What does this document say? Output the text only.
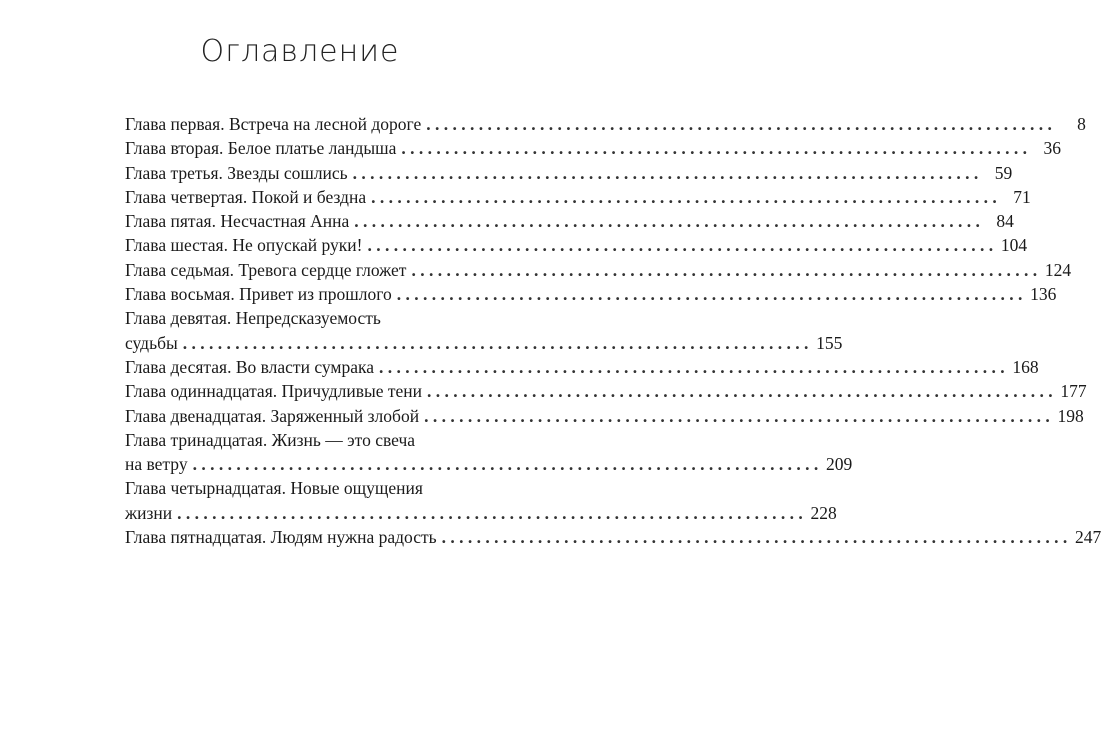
Оглавление
Глава первая. Встреча на лесной дороге . . .	8
Глава вторая. Белое платье ландыша . . .	36
Глава третья. Звезды сошлись . . .	59
Глава четвертая. Покой и бездна . . .	71
Глава пятая. Несчастная Анна . . .	84
Глава шестая. Не опускай руки! . . .	104
Глава седьмая. Тревога сердце гложет . . .	124
Глава восьмая. Привет из прошлого . . .	136
Глава девятая. Непредсказуемость
судьбы . . .	155
Глава десятая. Во власти сумрака . . .	168
Глава одиннадцатая. Причудливые тени . . .	177
Глава двенадцатая. Заряженный злобой . . .	198
Глава тринадцатая. Жизнь — это свеча
на ветру . . .	209
Глава четырнадцатая. Новые ощущения
жизни . . .	228
Глава пятнадцатая. Людям нужна радость . . .	247
